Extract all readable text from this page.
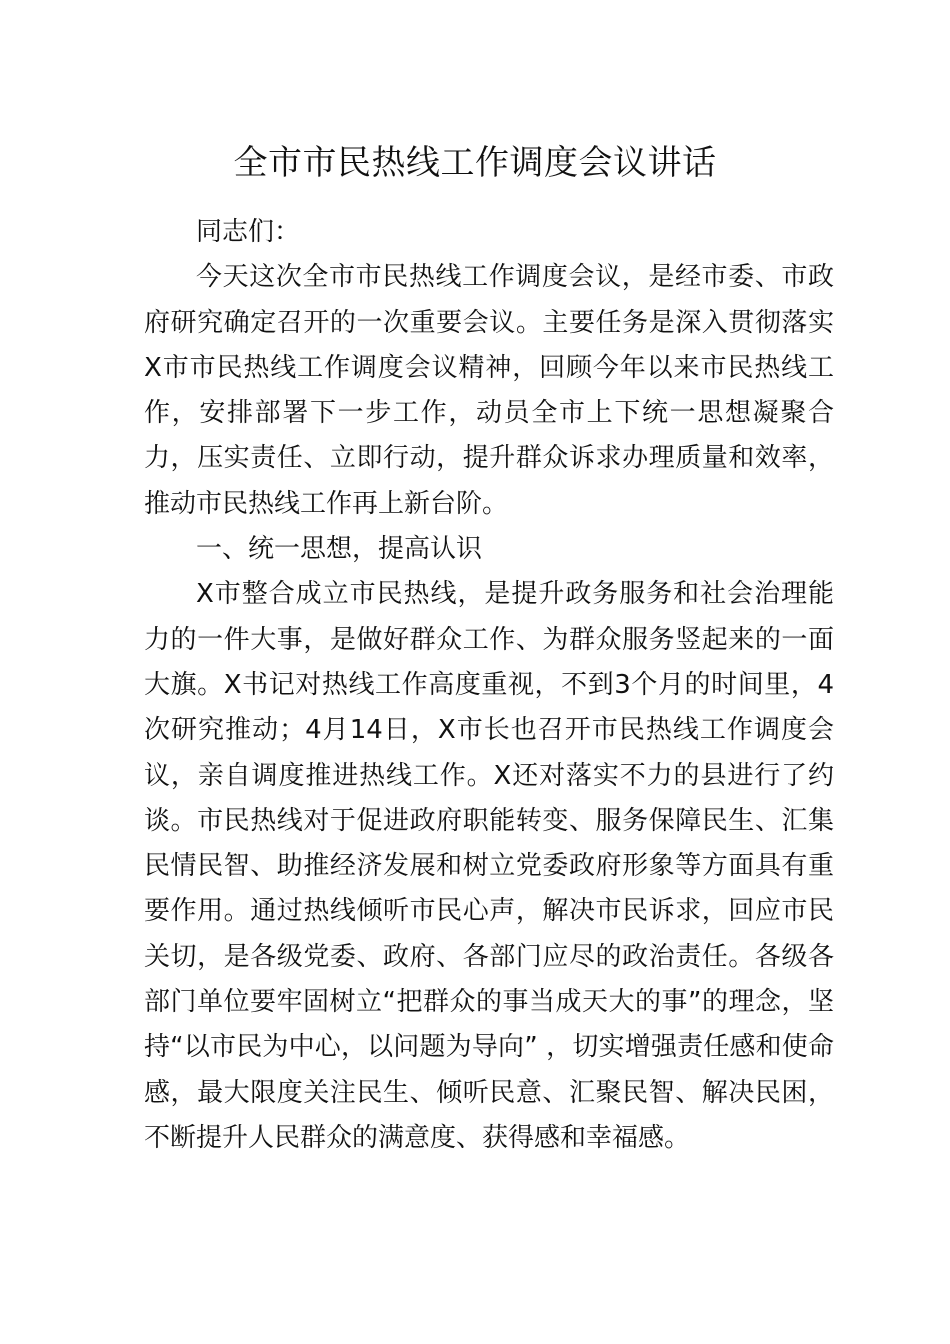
全市市民热线工作调度会议讲话

同志们：

今天这次全市市民热线工作调度会议，是经市委、市政府研究确定召开的一次重要会议。主要任务是深入贯彻落实X市市民热线工作调度会议精神，回顾今年以来市民热线工作，安排部署下一步工作，动员全市上下统一思想凝聚合力，压实责任、立即行动，提升群众诉求办理质量和效率，推动市民热线工作再上新台阶。

一、统一思想，提高认识

X市整合成立市民热线，是提升政务服务和社会治理能力的一件大事，是做好群众工作、为群众服务竖起来的一面大旗。X书记对热线工作高度重视，不到3个月的时间里，4次研究推动；4月14日，X市长也召开市民热线工作调度会议，亲自调度推进热线工作。X还对落实不力的县进行了约谈。市民热线对于促进政府职能转变、服务保障民生、汇集民情民智、助推经济发展和树立党委政府形象等方面具有重要作用。通过热线倾听市民心声，解决市民诉求，回应市民关切，是各级党委、政府、各部门应尽的政治责任。各级各部门单位要牢固树立“把群众的事当成天大的事”的理念，坚持“以市民为中心，以问题为导向” ，切实增强责任感和使命感，最大限度关注民生、倾听民意、汇聚民智、解决民困，不断提升人民群众的满意度、获得感和幸福感。
